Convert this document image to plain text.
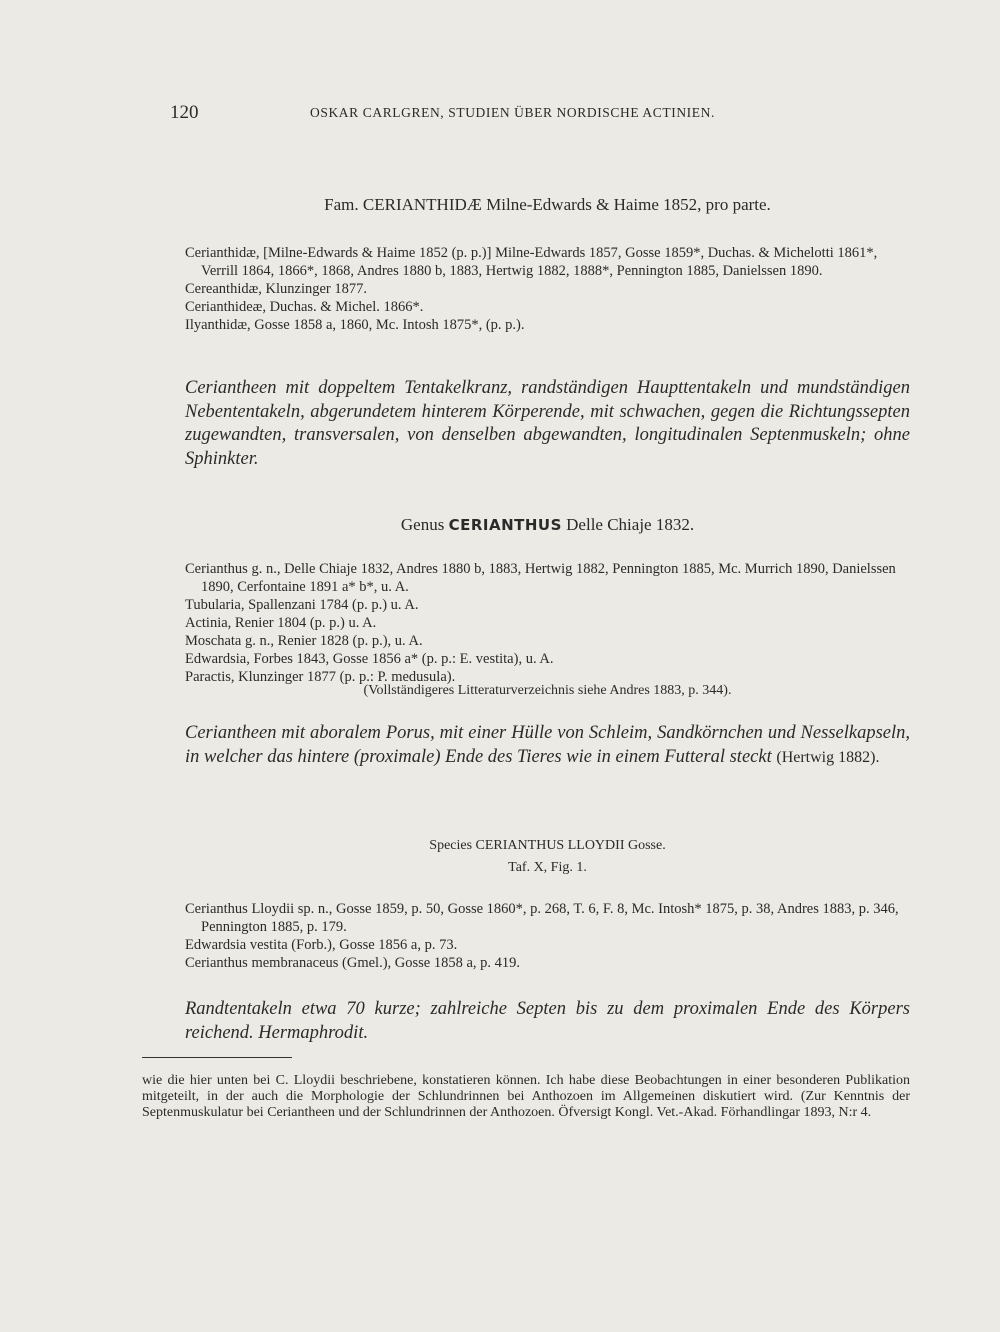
120	OSKAR CARLGREN, STUDIEN ÜBER NORDISCHE ACTINIEN.
Fam. CERIANTHIDÆ Milne-Edwards & Haime 1852, pro parte.

Cerianthidæ, [Milne-Edwards & Haime 1852 (p. p.)] Milne-Edwards 1857, Gosse 1859*, Duchas. & Michelotti 1861*, Verrill 1864, 1866*, 1868, Andres 1880 b, 1883, Hertwig 1882, 1888*, Pennington 1885, Danielssen 1890.
Cereanthidæ, Klunzinger 1877.
Cerianthideæ, Duchas. & Michel. 1866*.
Ilyanthidæ, Gosse 1858 a, 1860, Mc. Intosh 1875*, (p. p.).

Ceriantheen mit doppeltem Tentakelkranz, randständigen Haupttentakeln und mundständigen Nebententakeln, abgerundetem hinterem Körperende, mit schwachen, gegen die Richtungssepten zugewandten, transversalen, von denselben abgewandten, longitudinalen Septenmuskeln; ohne Sphinkter.

Genus CERIANTHUS Delle Chiaje 1832.

Cerianthus g. n., Delle Chiaje 1832, Andres 1880 b, 1883, Hertwig 1882, Pennington 1885, Mc. Murrich 1890, Danielssen 1890, Cerfontaine 1891 a* b*, u. A.
Tubularia, Spallenzani 1784 (p. p.) u. A.
Actinia, Renier 1804 (p. p.) u. A.
Moschata g. n., Renier 1828 (p. p.), u. A.
Edwardsia, Forbes 1843, Gosse 1856 a* (p. p.: E. vestita), u. A.
Paractis, Klunzinger 1877 (p. p.: P. medusula).

(Vollständigeres Litteraturverzeichnis siehe Andres 1883, p. 344).

Ceriantheen mit aboralem Porus, mit einer Hülle von Schleim, Sandkörnchen und Nesselkapseln, in welcher das hintere (proximale) Ende des Tieres wie in einem Futteral steckt (Hertwig 1882).

Species CERIANTHUS LLOYDII Gosse.
Taf. X, Fig. 1.

Cerianthus Lloydii sp. n., Gosse 1859, p. 50, Gosse 1860*, p. 268, T. 6, F. 8, Mc. Intosh* 1875, p. 38, Andres 1883, p. 346, Pennington 1885, p. 179.
Edwardsia vestita (Forb.), Gosse 1856 a, p. 73.
Cerianthus membranaceus (Gmel.), Gosse 1858 a, p. 419.

Randtentakeln etwa 70 kurze; zahlreiche Septen bis zu dem proximalen Ende des Körpers reichend. Hermaphrodit.

wie die hier unten bei C. Lloydii beschriebene, konstatieren können. Ich habe diese Beobachtungen in einer besonderen Publikation mitgeteilt, in der auch die Morphologie der Schlundrinnen bei Anthozoen im Allgemeinen diskutiert wird. (Zur Kenntnis der Septenmuskulatur bei Ceriantheen und der Schlundrinnen der Anthozoen. Öfversigt Kongl. Vet.-Akad. Förhandlingar 1893, N:r 4.
